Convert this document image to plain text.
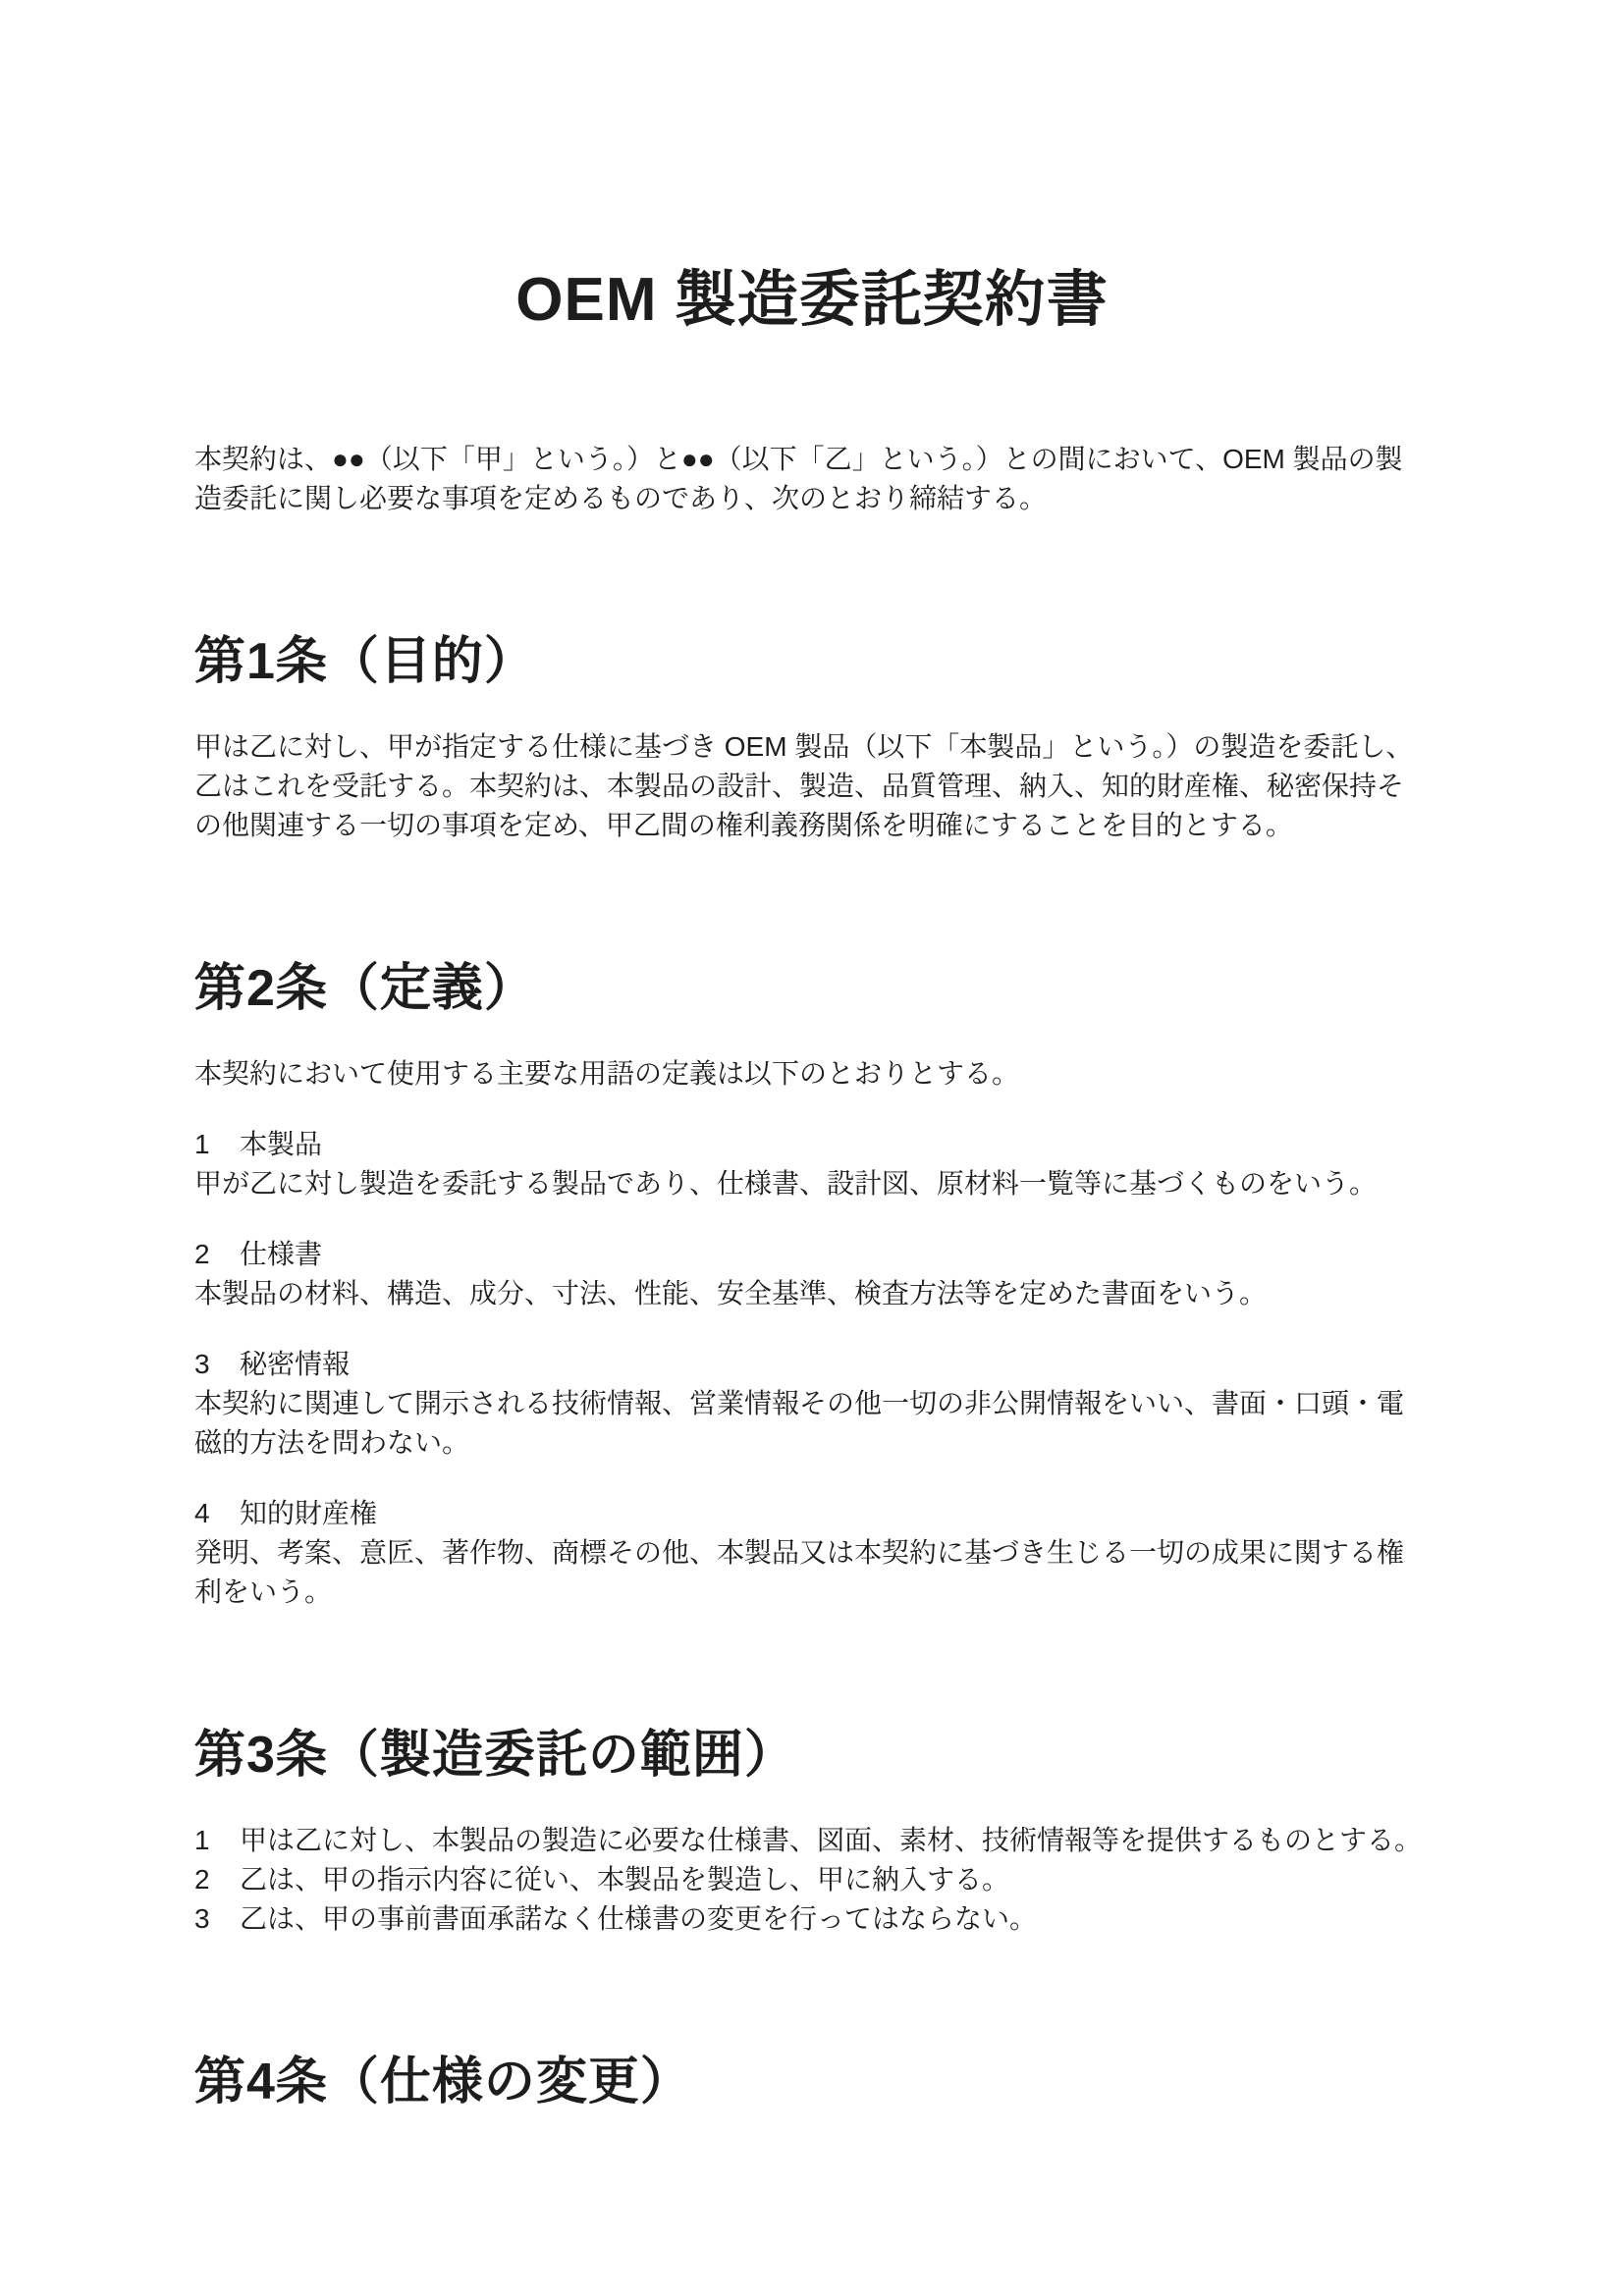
OEM 製造委託契約書

本契約は、●●（以下「甲」という。）と●●（以下「乙」という。）との間において、OEM 製品の製造委託に関し必要な事項を定めるものであり、次のとおり締結する。

第1条（目的）

甲は乙に対し、甲が指定する仕様に基づき OEM 製品（以下「本製品」という。）の製造を委託し、乙はこれを受託する。本契約は、本製品の設計、製造、品質管理、納入、知的財産権、秘密保持その他関連する一切の事項を定め、甲乙間の権利義務関係を明確にすることを目的とする。

第2条（定義）

本契約において使用する主要な用語の定義は以下のとおりとする。

1	本製品

甲が乙に対し製造を委託する製品であり、仕様書、設計図、原材料一覧等に基づくものをいう。

2	仕様書

本製品の材料、構造、成分、寸法、性能、安全基準、検査方法等を定めた書面をいう。

3	秘密情報

本契約に関連して開示される技術情報、営業情報その他一切の非公開情報をいい、書面・口頭・電磁的方法を問わない。

4	知的財産権

発明、考案、意匠、著作物、商標その他、本製品又は本契約に基づき生じる一切の成果に関する権利をいう。

第3条（製造委託の範囲）
1	甲は乙に対し、本製品の製造に必要な仕様書、図面、素材、技術情報等を提供するものとする。
2	乙は、甲の指示内容に従い、本製品を製造し、甲に納入する。
3	乙は、甲の事前書面承諾なく仕様書の変更を行ってはならない。
第4条（仕様の変更）
